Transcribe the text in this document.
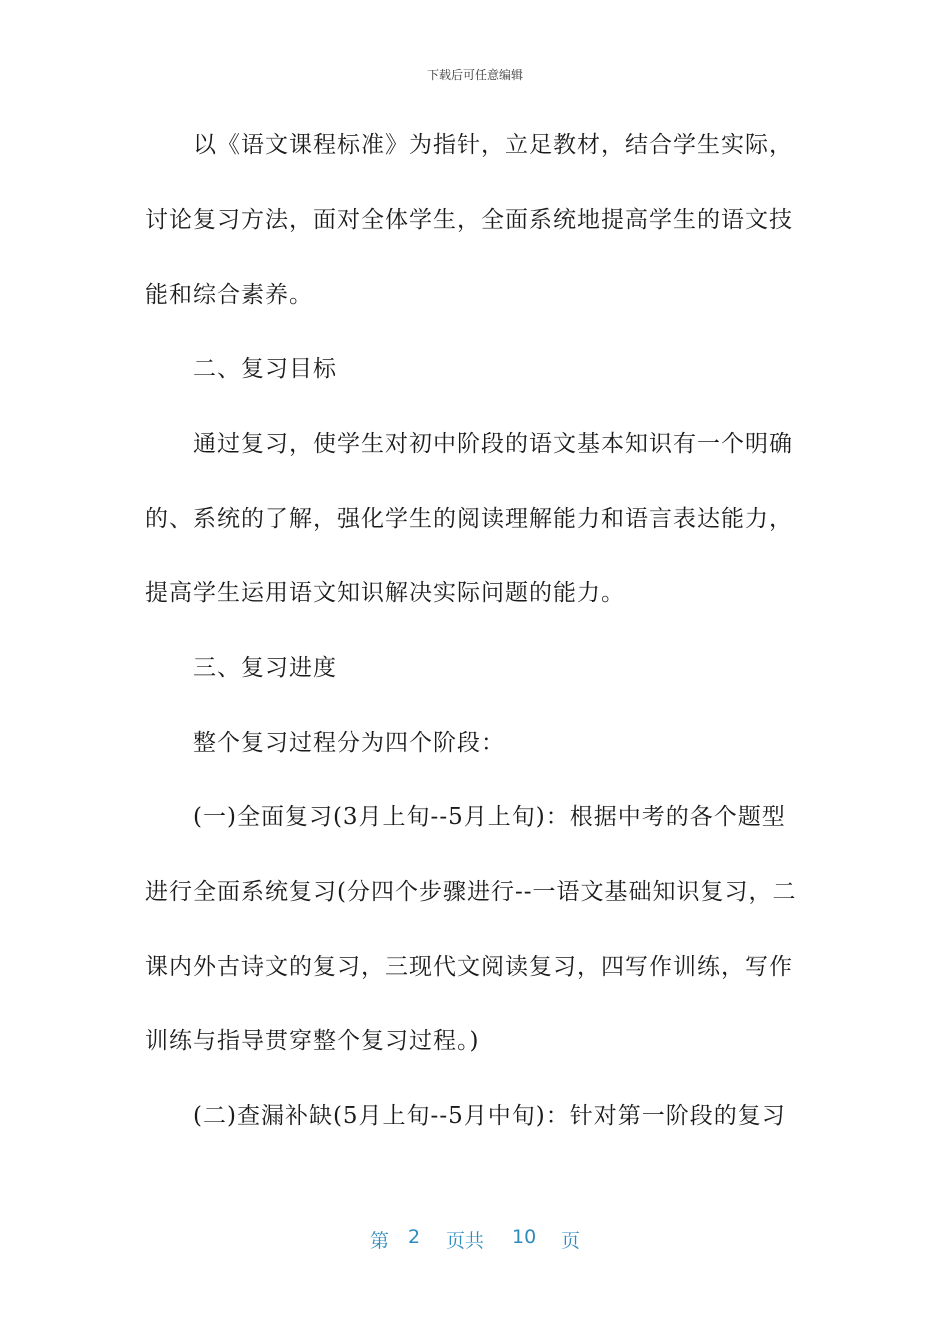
下载后可任意编辑
以《语文课程标准》为指针，立足教材，结合学生实际，
讨论复习方法，面对全体学生，全面系统地提高学生的语文技
能和综合素养。
二、复习目标
通过复习，使学生对初中阶段的语文基本知识有一个明确
的、系统的了解，强化学生的阅读理解能力和语言表达能力，
提高学生运用语文知识解决实际问题的能力。
三、复习进度
整个复习过程分为四个阶段：
(一)全面复习(3月上旬--5月上旬)：根据中考的各个题型
进行全面系统复习(分四个步骤进行--一语文基础知识复习，二
课内外古诗文的复习，三现代文阅读复习，四写作训练，写作
训练与指导贯穿整个复习过程。)
(二)查漏补缺(5月上旬--5月中旬)：针对第一阶段的复习
第 2 页共 10 页
